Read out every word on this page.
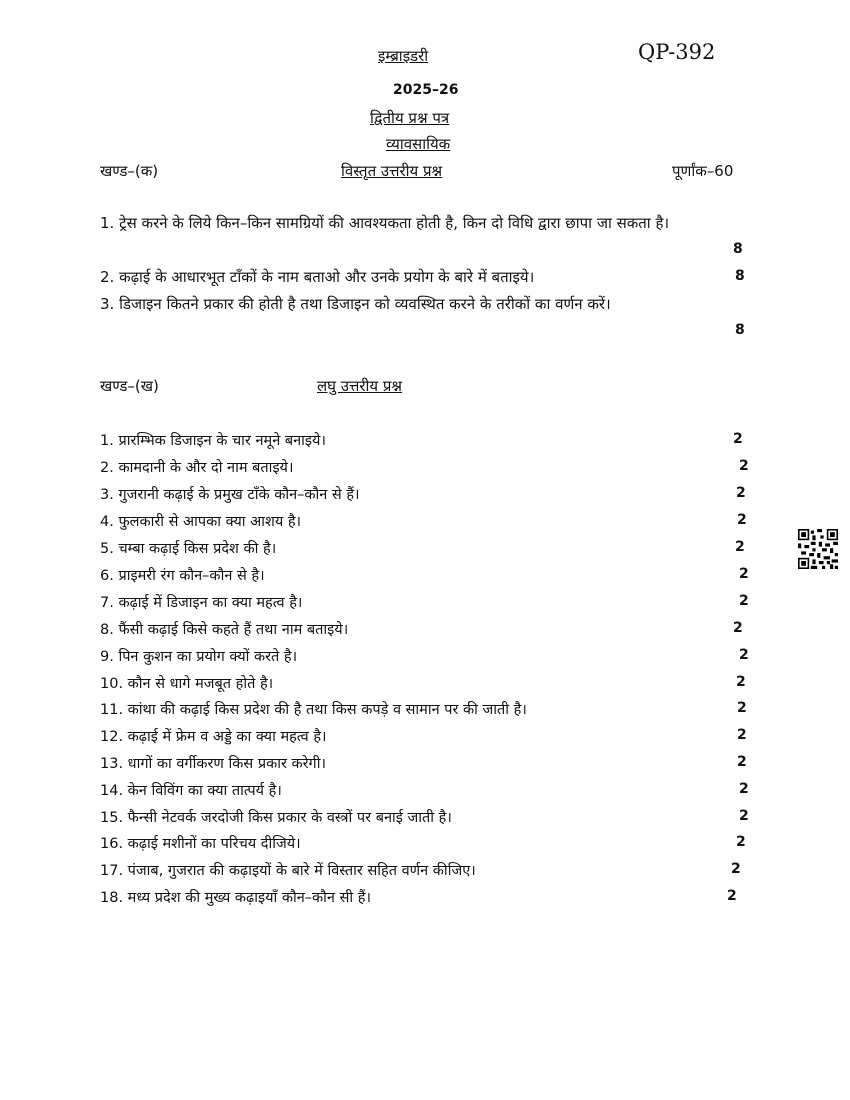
इम्ब्राइडरी	QP-392
2025–26
द्वितीय प्रश्न पत्र
व्यावसायिक
खण्ड–(क)	विस्तृत उत्तरीय प्रश्न	पूर्णांक–60
1. ट्रेस करने के लिये किन–किन सामग्रियों की आवश्यकता होती है, किन दो विधि द्वारा छापा जा सकता है।
8
2. कढ़ाई के आधारभूत टाँकों के नाम बताओ और उनके प्रयोग के बारे में बताइये।	8
3. डिजाइन कितने प्रकार की होती है तथा डिजाइन को व्यवस्थित करने के तरीकों का वर्णन करें।
8
खण्ड–(ख)	लघु उत्तरीय प्रश्न
1. प्रारम्भिक डिजाइन के चार नमूने बनाइये।	2
2. कामदानी के और दो नाम बताइये।	2
3. गुजरानी कढ़ाई के प्रमुख टाँके कौन–कौन से हैं।	2
4. फुलकारी से आपका क्या आशय है।	2
5. चम्बा कढ़ाई किस प्रदेश की है।	2
6. प्राइमरी रंग कौन–कौन से है।	2
7. कढ़ाई में डिजाइन का क्या महत्व है।	2
8. फैंसी कढ़ाई किसे कहते हैं तथा नाम बताइये।	2
9. पिन कुशन का प्रयोग क्यों करते है।	2
10. कौन से धागे मजबूत होते है।	2
11. कांथा की कढ़ाई किस प्रदेश की है तथा किस कपड़े व सामान पर की जाती है।	2
12. कढ़ाई में फ्रेम व अड्डे का क्या महत्व है।	2
13. धागों का वर्गीकरण किस प्रकार करेगी।	2
14. केन विविंग का क्या तात्पर्य है।	2
15. फैन्सी नेटवर्क जरदोजी किस प्रकार के वस्त्रों पर बनाई जाती है।	2
16. कढ़ाई मशीनों का परिचय दीजिये।	2
17. पंजाब, गुजरात की कढ़ाइयों के बारे में विस्तार सहित वर्णन कीजिए।	2
18. मध्य प्रदेश की मुख्य कढ़ाइयाँ कौन–कौन सी हैं।	2
